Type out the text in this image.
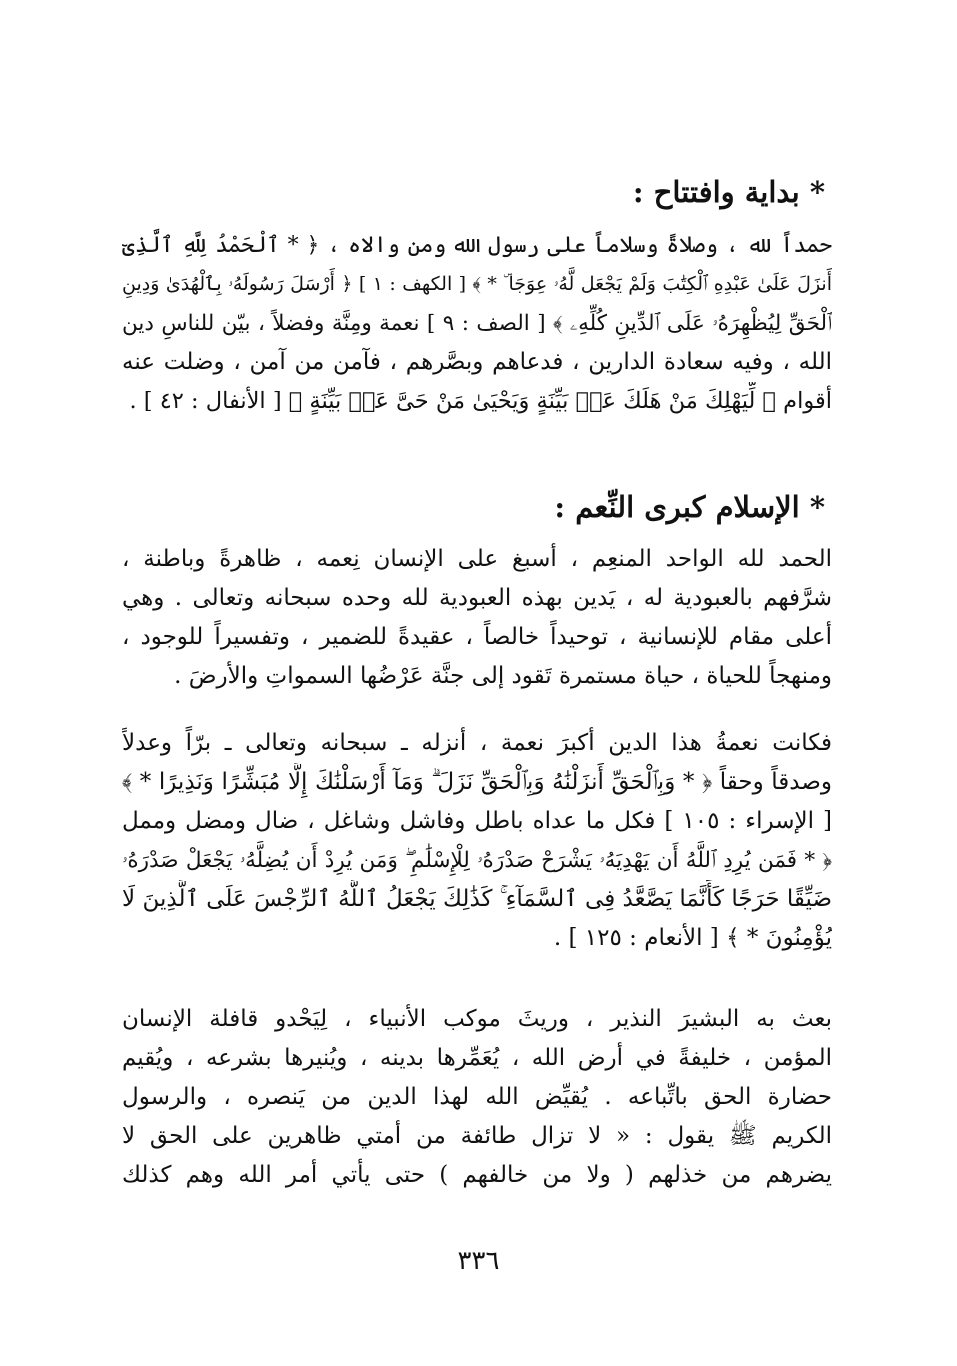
* بداية وافتتاح :
حمداً لله ، وصلاةً وسلاماً على رسول الله ومن والاه ، ﴿ * ٱلْحَمْدُ لِلَّهِ ٱلَّذِىٓ
أَنزَلَ عَلَىٰ عَبْدِهِ ٱلْكِتَٰبَ وَلَمْ يَجْعَل لَّهُۥ عِوَجَا ۜ * ﴾ [ الكهف : ١ ] ﴿ أَرْسَلَ رَسُولَهُۥ بِٱلْهُدَىٰ وَدِينِ
ٱلْحَقِّ لِيُظْهِرَهُۥ عَلَى ٱلدِّينِ كُلِّهِۦ ﴾ [ الصف : ٩ ] نعمة ومِنَّة وفضلاً ، بيّن للناسِ دين
الله ، وفيه سعادة الدارين ، فدعاهم وبصَّرهم ، فآمن من آمن ، وضلت عنه
أقوام ﴿ لِّيَهْلِكَ مَنْ هَلَكَ عَنۢ بَيِّنَةٍ وَيَحْيَىٰ مَنْ حَىَّ عَنۢ بَيِّنَةٍ ﴾ [ الأنفال : ٤٢ ] .
* الإسلام كبرى النِّعم :
الحمد لله الواحد المنعِم ، أسبغ على الإنسان نِعمه ، ظاهرةً وباطنة ،
شرَّفهم بالعبودية له ، يَدين بهذه العبودية لله وحده سبحانه وتعالى . وهي
أعلى مقام للإنسانية ، توحيداً خالصاً ، عقيدةً للضمير ، وتفسيراً للوجود ،
ومنهجاً للحياة ، حياة مستمرة تَقود إلى جنَّة عَرْضُها السمواتِ والأرضَ .
فكانت نعمةُ هذا الدين أكبرَ نعمة ، أنزله ـ سبحانه وتعالى ـ برّاً وعدلاً
وصدقاً وحقاً ﴿ * وَبِٱلْحَقِّ أَنزَلْنَٰهُ وَبِٱلْحَقِّ نَزَلَ ۗ وَمَآ أَرْسَلْنَٰكَ إِلَّا مُبَشِّرًا وَنَذِيرًا * ﴾
[ الإسراء : ١٠٥ ] فكل ما عداه باطل وفاشل وشاغل ، ضال ومضل وممل
﴿ * فَمَن يُرِدِ ٱللَّهُ أَن يَهْدِيَهُۥ يَشْرَحْ صَدْرَهُۥ لِلْإِسْلَٰمِ ۖ وَمَن يُرِدْ أَن يُضِلَّهُۥ يَجْعَلْ صَدْرَهُۥ
ضَيِّقًا حَرَجًا كَأَنَّمَا يَصَّعَّدُ فِى ٱلسَّمَآءِ ۚ كَذَٰلِكَ يَجْعَلُ ٱللَّهُ ٱلرِّجْسَ عَلَى ٱلَّذِينَ لَا
يُؤْمِنُونَ * ﴾ [ الأنعام : ١٢٥ ] .
بعث به البشيرَ النذير ، وريثَ موكب الأنبياء ، لِيَحْدو قافلة الإنسان
المؤمن ، خليفةً في أرض الله ، يُعَمِّرها بدينه ، ويُنيرها بشرعه ، ويُقيم
حضارة الحق باتِّباعه . يُقيِّض الله لهذا الدين من يَنصره ، والرسول
الكريم ﷺ يقول : « لا تزال طائفة من أمتي ظاهرين على الحق لا
يضرهم من خذلهم ( ولا من خالفهم ) حتى يأتي أمر الله وهم كذلك
٣٣٦
